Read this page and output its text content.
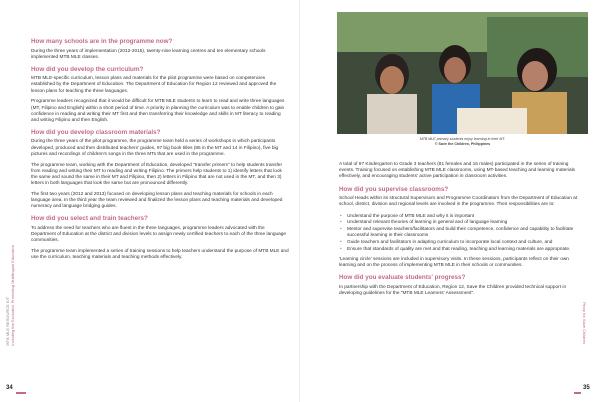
MTB MLE RESOURCE KIT
Including the Excluded: Promoting Multilingual Education
How many schools are in the programme now?

During the three years of implementation (2012-2015), twenty-nine learning centres and ten elementary schools implemented MTB MLE classes.

How did you develop the curriculum?

MTB MLE-specific curriculum, lesson plans and materials for the pilot programme were based on competencies established by the Department of Education. The Department of Education for Region 12 reviewed and approved the lesson plans for teaching the three languages.

Programme leaders recognized that it would be difficult for MTB MLE students to learn to read and write three languages (MT, Filipino and English) within a short period of time. A priority in planning the curriculum was to enable children to gain confidence in reading and writing their MT first and then transferring their knowledge and skills in MT literacy to reading and writing Filipino and then English.

How did you develop classroom materials?

During the three years of the pilot programme, the programme team held a series of workshops in which participants developed, produced and then distributed teachers' guides, 97 big book titles (85 in the MT and 14 in Filipino), five big pictures and recordings of children's songs in the three MTs that are used in the programme.

The programme team, working with the Department of Education, developed "transfer primers" to help students transfer from reading and writing their MT to reading and writing Filipino. The primers help students to 1) identify letters that look the same and sound the same in their MT and Filipino, then 2) letters in Filipino that are not used in the MT, and then 3) letters in both languages that look the same but are pronounced differently.

The first two years (2012 and 2013) focused on developing lesson plans and teaching materials for schools in each language area. In the third year the team reviewed and finalized the lesson plans and teaching materials and developed numeracy and language bridging guides.

How did you select and train teachers?

To address the need for teachers who are fluent in the three languages, programme leaders advocated with the Department of Education at the district and division levels to assign newly certified teachers to each of the three language communities.

The programme team implemented a series of training sessions to help teachers understand the purpose of MTB MLE and use the curriculum, teaching materials and teaching methods effectively.

34
MTB MLE primary students enjoy learning in their MT.
© Save the Children, Philippines

A total of 97 Kindergarten to Grade 3 teachers (81 females and 16 males) participated in the series of training events. Training focused on establishing MTB MLE classrooms, using MT-based teaching and learning materials effectively, and encouraging students' active participation in classroom activities.

How did you supervise classrooms?

School Heads within its structural Supervisors and Programme Coordinators from the Department of Education at school, district, division and regional levels are involved in the programme. Their responsibilities are to:

• Understand the purpose of MTB MLE and why it is important
• Understand relevant theories of learning in general and of language learning
• Mentor and supervise teachers/facilitators and build their competence, confidence and capability to facilitate successful learning in their classrooms
• Guide teachers and facilitators in adapting curriculum to incorporate local context and culture, and
• Ensure that standards of quality are met and that reading, teaching and learning materials are appropriate.

'Learning circle' sessions are included in supervisory visits. In these sessions, participants reflect on their own learning and on the process of implementing MTB MLE in their schools or communities.

How did you evaluate students' progress?

In partnership with the Department of Education, Region 12, Save the Children provided technical support in developing guidelines for the "MTB MLE Learners' Assessment".

Pinoy for Save Children
35
